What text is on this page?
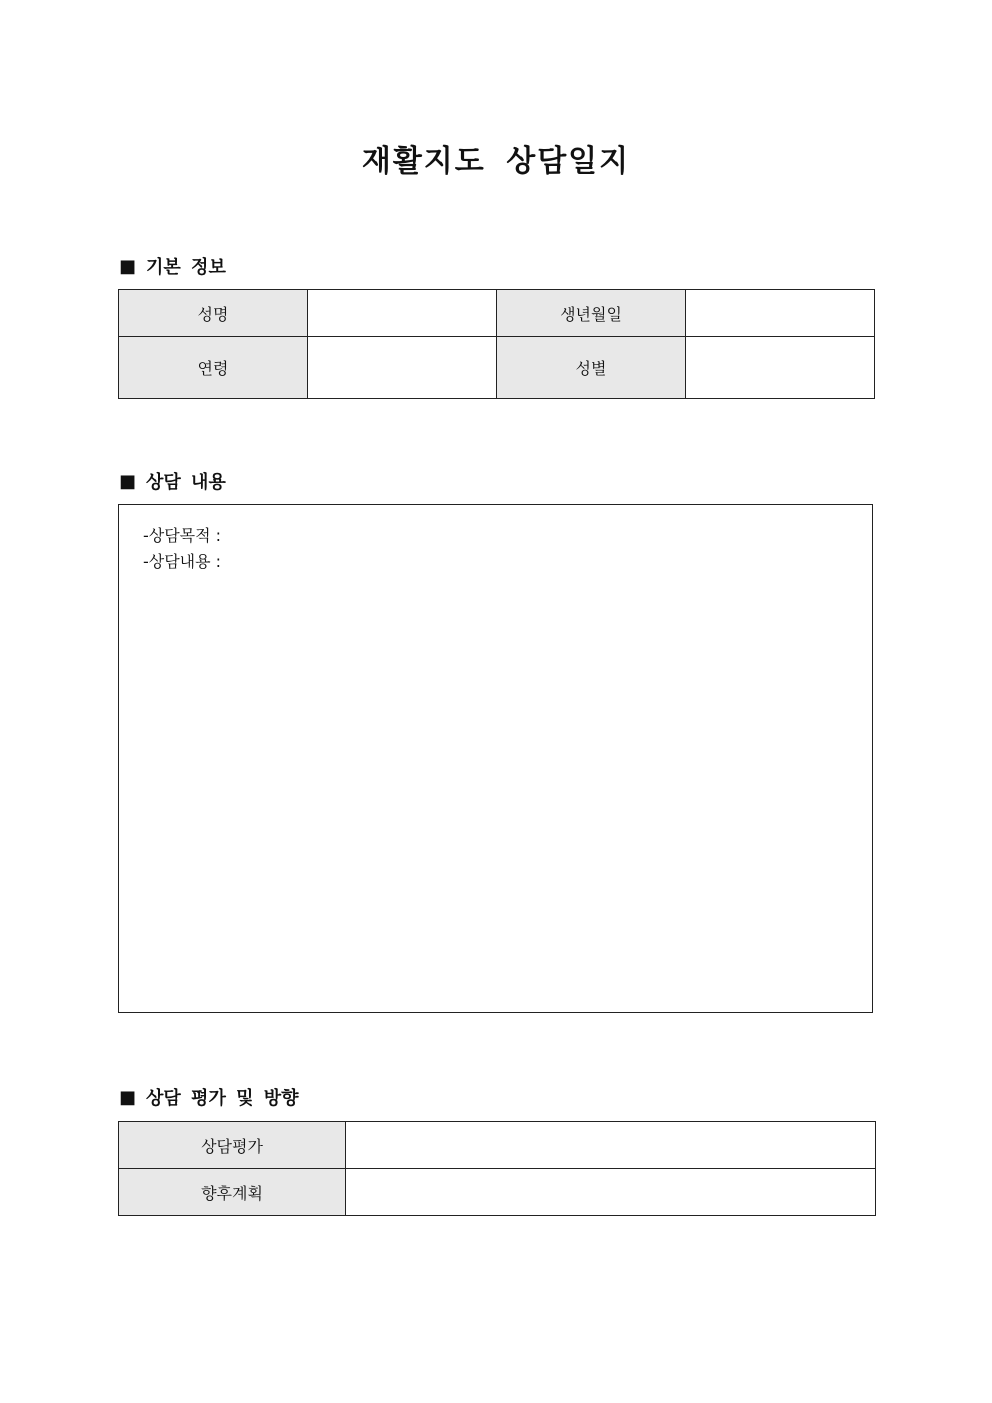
재활지도 상담일지
■ 기본 정보
성명		생년월일	
연령		성별	
■ 상담 내용
-상담목적 :
-상담내용 :
■ 상담 평가 및 방향
상담평가	
향후계획	
